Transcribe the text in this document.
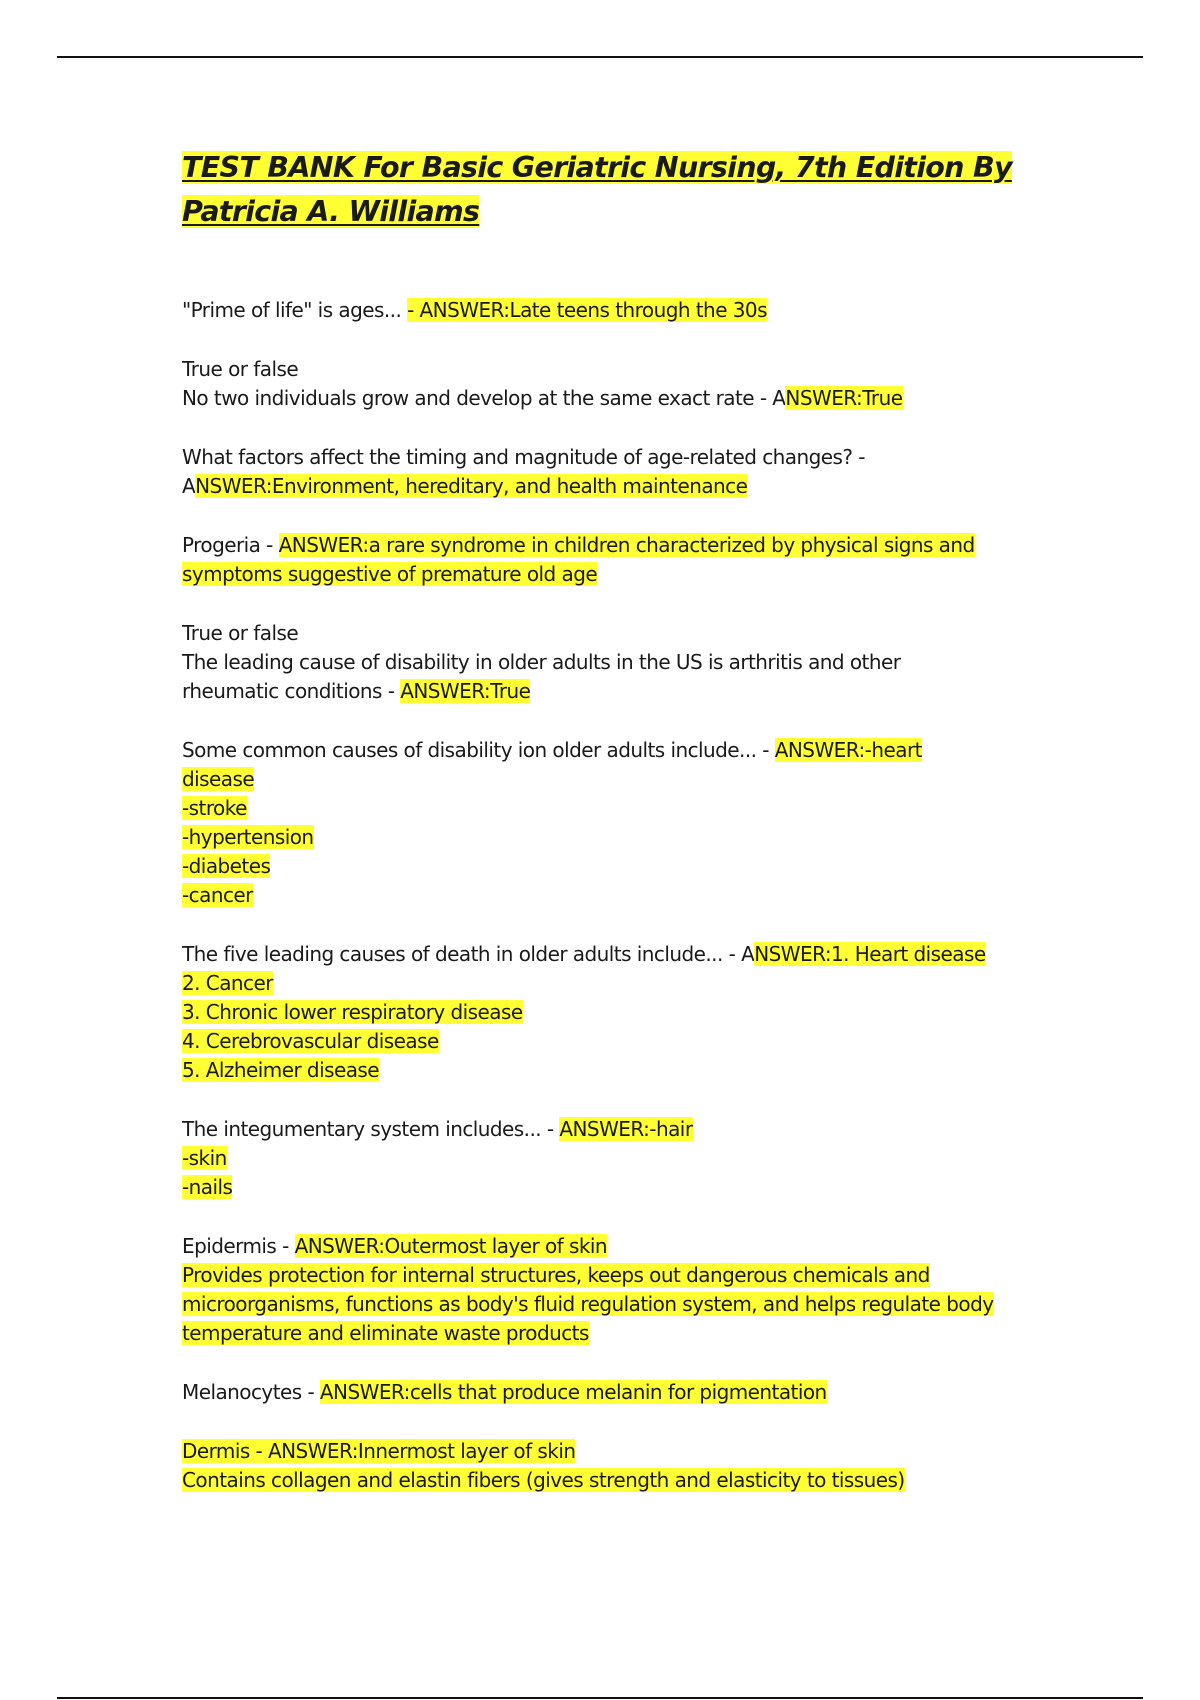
TEST BANK For Basic Geriatric Nursing, 7th Edition By
Patricia A. Williams
"Prime of life" is ages... - ANSWER:Late teens through the 30s
True or false
No two individuals grow and develop at the same exact rate - ANSWER:True
What factors affect the timing and magnitude of age-related changes? -
ANSWER:Environment, hereditary, and health maintenance
Progeria - ANSWER:a rare syndrome in children characterized by physical signs and
symptoms suggestive of premature old age
True or false
The leading cause of disability in older adults in the US is arthritis and other
rheumatic conditions - ANSWER:True
Some common causes of disability ion older adults include... - ANSWER:-heart
disease
-stroke
-hypertension
-diabetes
-cancer
The five leading causes of death in older adults include... - ANSWER:1. Heart disease
2. Cancer
3. Chronic lower respiratory disease
4. Cerebrovascular disease
5. Alzheimer disease
The integumentary system includes... - ANSWER:-hair
-skin
-nails
Epidermis - ANSWER:Outermost layer of skin
Provides protection for internal structures, keeps out dangerous chemicals and
microorganisms, functions as body's fluid regulation system, and helps regulate body
temperature and eliminate waste products
Melanocytes - ANSWER:cells that produce melanin for pigmentation
Dermis - ANSWER:Innermost layer of skin
Contains collagen and elastin fibers (gives strength and elasticity to tissues)
